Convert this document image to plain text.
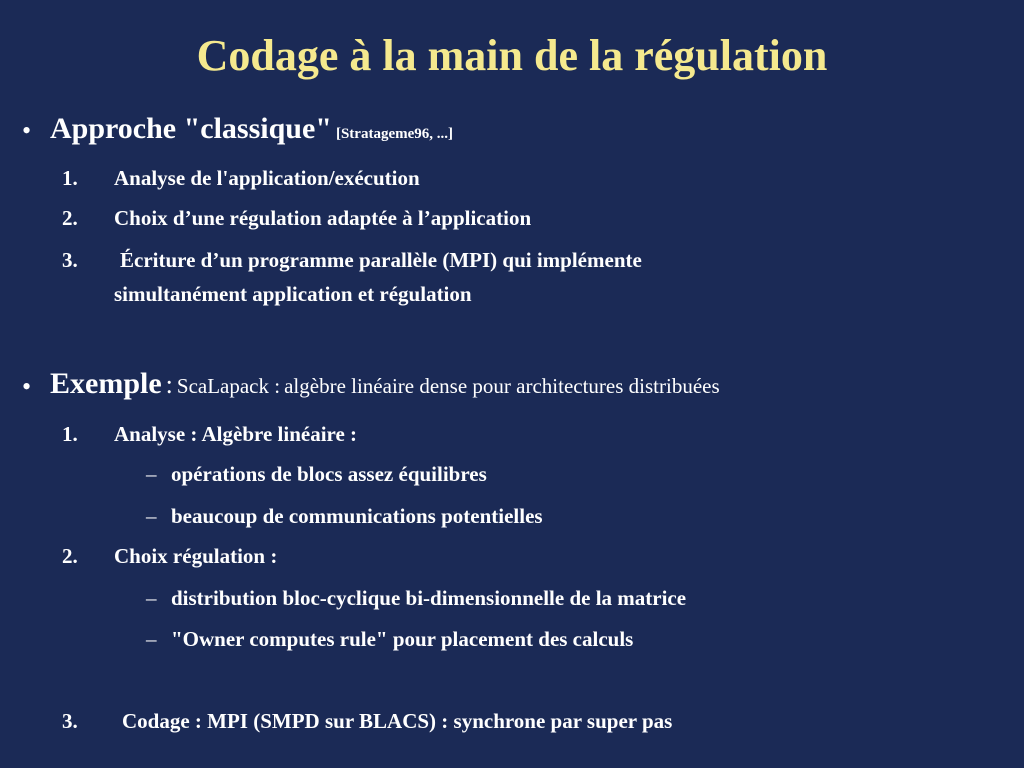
Codage à la main de la régulation
• Approche "classique" [Stratageme96, ...]
1. Analyse de l'application/exécution
2. Choix d’une régulation adaptée à l’application
3. Écriture d’un programme parallèle (MPI) qui implémente
simultanément application et régulation
• Exemple : ScaLapack : algèbre linéaire dense pour architectures distribuées
1. Analyse : Algèbre linéaire :
– opérations de blocs assez équilibres
– beaucoup de communications potentielles
2. Choix régulation :
– distribution bloc-cyclique bi-dimensionnelle de la matrice
– "Owner computes rule" pour placement des calculs
3. Codage : MPI (SMPD sur BLACS) : synchrone par super pas
